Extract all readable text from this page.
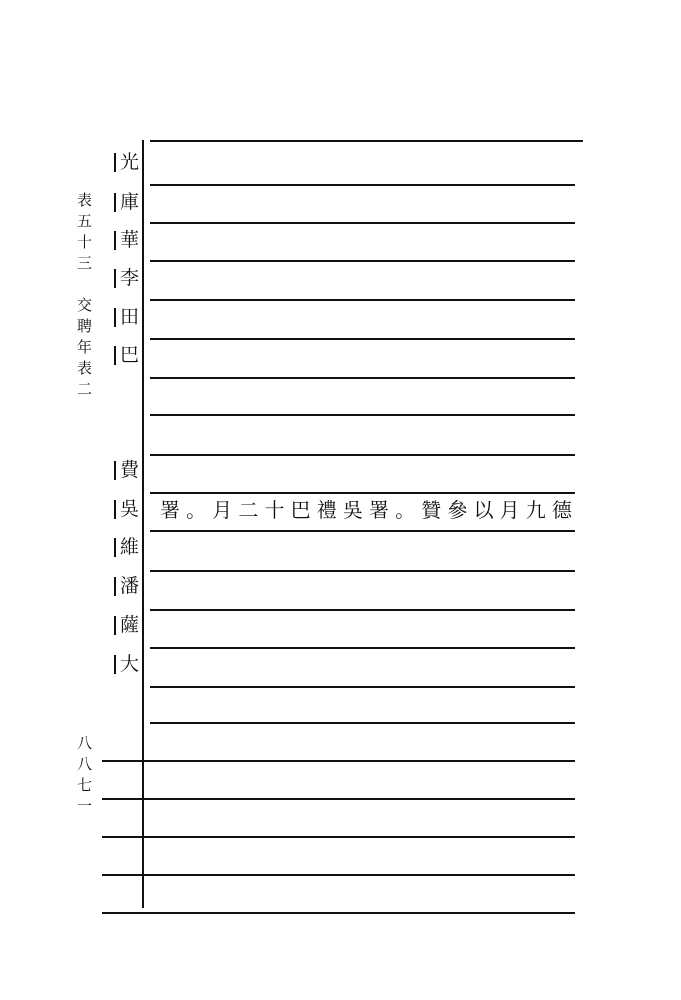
表五十三　交聘年表二
八八七一
署 。 月 二 十 巴 禮 吳 署 。 贊 參 以 月 九 德
光
庫
華
李
田
巴
費
吳
維
潘
薩
大
